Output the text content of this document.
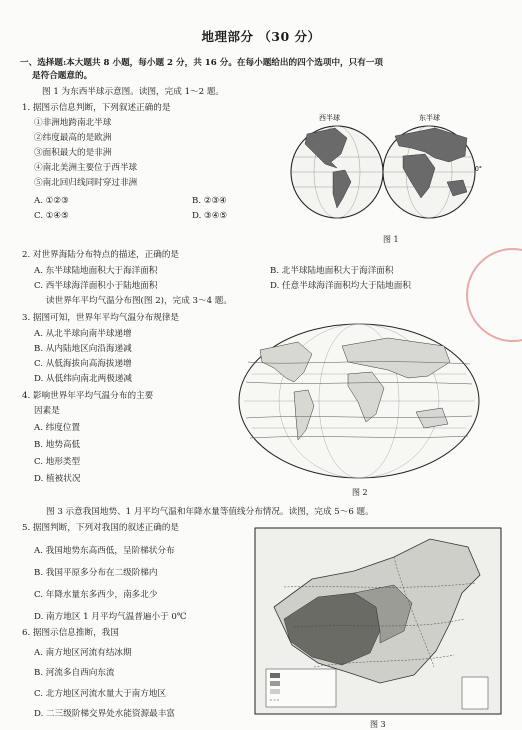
地理部分 （30 分）
一、选择题:本大题共 8 小题，每小题 2 分，共 16 分。在每小题给出的四个选项中，只有一项
是符合题意的。
图 1 为东西半球示意图。读图，完成 1～2 题。
1. 据图示信息判断，下列叙述正确的是
①非洲地跨南北半球
②纬度最高的是欧洲
③面积最大的是非洲
④南北美洲主要位于西半球
⑤南北回归线同时穿过非洲
A. ①②③	B. ②③④
C. ①④⑤	D. ③④⑤
西半球	东半球
0°
图 1
2. 对世界海陆分布特点的描述，正确的是
A. 东半球陆地面积大于海洋面积	B. 北半球陆地面积大于海洋面积
C. 西半球海洋面积小于陆地面积	D. 任意半球海洋面积均大于陆地面积
读世界年平均气温分布图(图 2)，完成 3～4 题。
3. 据图可知，世界年平均气温分布规律是
A. 从北半球向南半球递增
B. 从内陆地区向沿海递减
C. 从低海拔向高海拔递增
D. 从低纬向南北两极递减
4. 影响世界年平均气温分布的主要
因素是
A. 纬度位置
B. 地势高低
C. 地形类型
D. 植被状况
图 2
图 3 示意我国地势、1 月平均气温和年降水量等值线分布情况。读图，完成 5～6 题。
5. 据图判断，下列对我国的叙述正确的是
A. 我国地势东高西低，呈阶梯状分布
B. 我国平原多分布在二级阶梯内
C. 年降水量东多西少，南多北少
D. 南方地区 1 月平均气温普遍小于 0℃
6. 据图示信息推断，我国
A. 南方地区河流有结冰期
B. 河流多自西向东流
C. 北方地区河流水量大于南方地区
D. 二三级阶梯交界处水能资源最丰富
图 3
